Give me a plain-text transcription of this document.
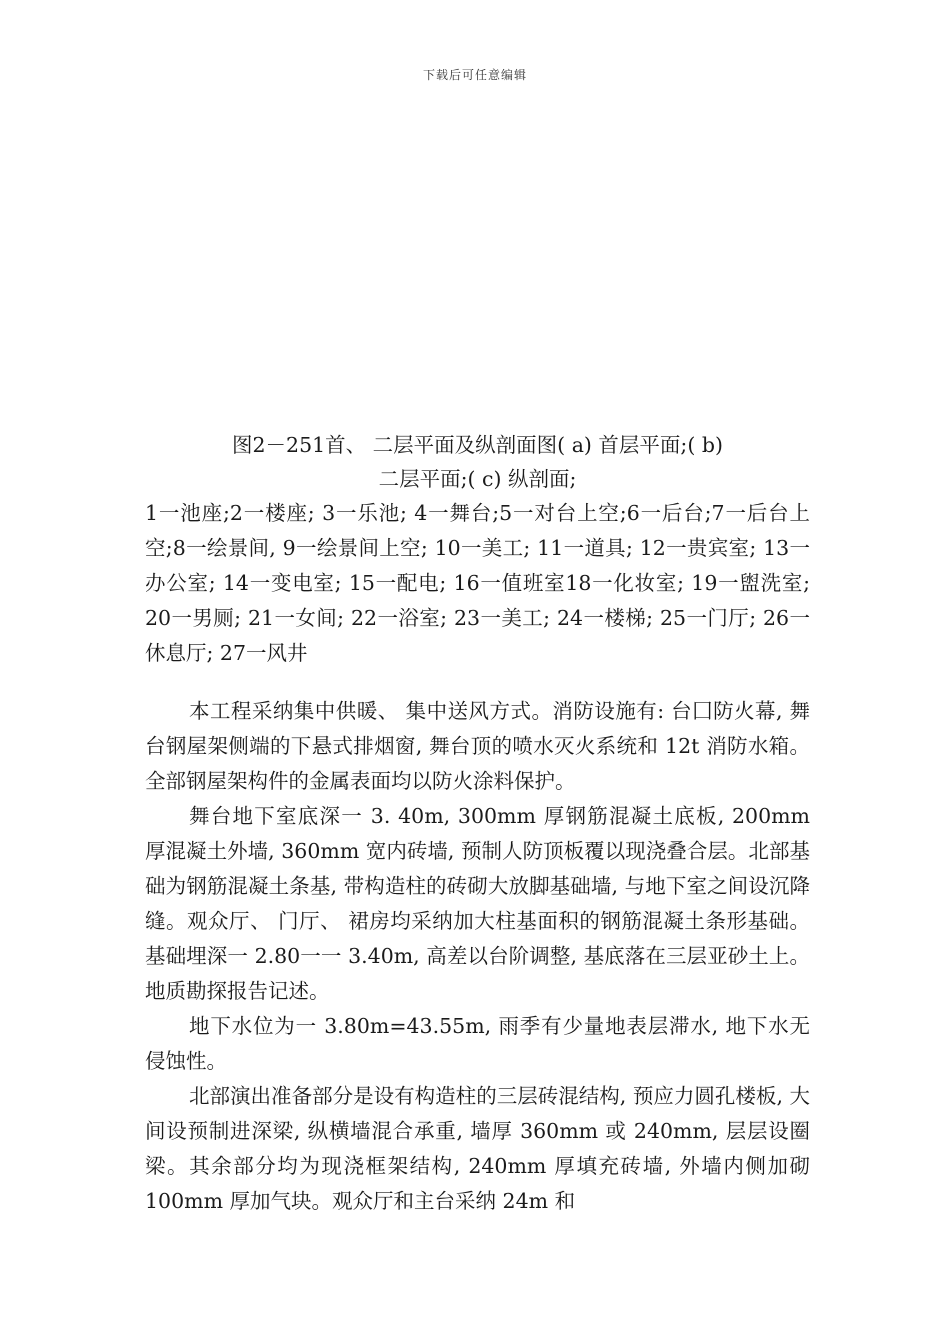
下载后可任意编辑
图2－251首、 二层平面及纵剖面图( a) 首层平面;( b)
二层平面;( c) 纵剖面;
1一池座;2一楼座; 3一乐池; 4一舞台;5一对台上空;6一后台;7一后台上空;8一绘景间, 9一绘景间上空; 10一美工; 11一道具; 12一贵宾室; 13一办公室; 14一变电室; 15一配电; 16一值班室18一化妆室; 19一盥洗室; 20一男厕; 21一女间; 22一浴室; 23一美工; 24一楼梯; 25一门厅; 26一休息厅; 27一风井

本工程采纳集中供暖、 集中送风方式。消防设施有: 台囗防火幕, 舞台钢屋架侧端的下悬式排烟窗, 舞台顶的喷水灭火系统和 12t 消防水箱。全部钢屋架构件的金属表面均以防火涂料保护。

舞台地下室底深一 3. 40m, 300mm 厚钢筋混凝土底板, 200mm 厚混凝土外墙, 360mm 宽内砖墙, 预制人防顶板覆以现浇叠合层。北部基础为钢筋混凝土条基, 带构造柱的砖砌大放脚基础墙, 与地下室之间设沉降缝。观众厅、 门厅、 裙房均采纳加大柱基面积的钢筋混凝土条形基础。基础埋深一 2.80一一 3.40m, 高差以台阶调整, 基底落在三层亚砂土上。地质勘探报告记述。

地下水位为一 3.80m=43.55m, 雨季有少量地表层滞水, 地下水无侵蚀性。

北部演出准备部分是设有构造柱的三层砖混结构, 预应力圆孔楼板, 大间设预制进深梁, 纵横墙混合承重, 墙厚 360mm 或 240mm, 层层设圈梁。其余部分均为现浇框架结构, 240mm 厚填充砖墙, 外墙内侧加砌 100mm 厚加气块。观众厅和主台采纳 24m 和
